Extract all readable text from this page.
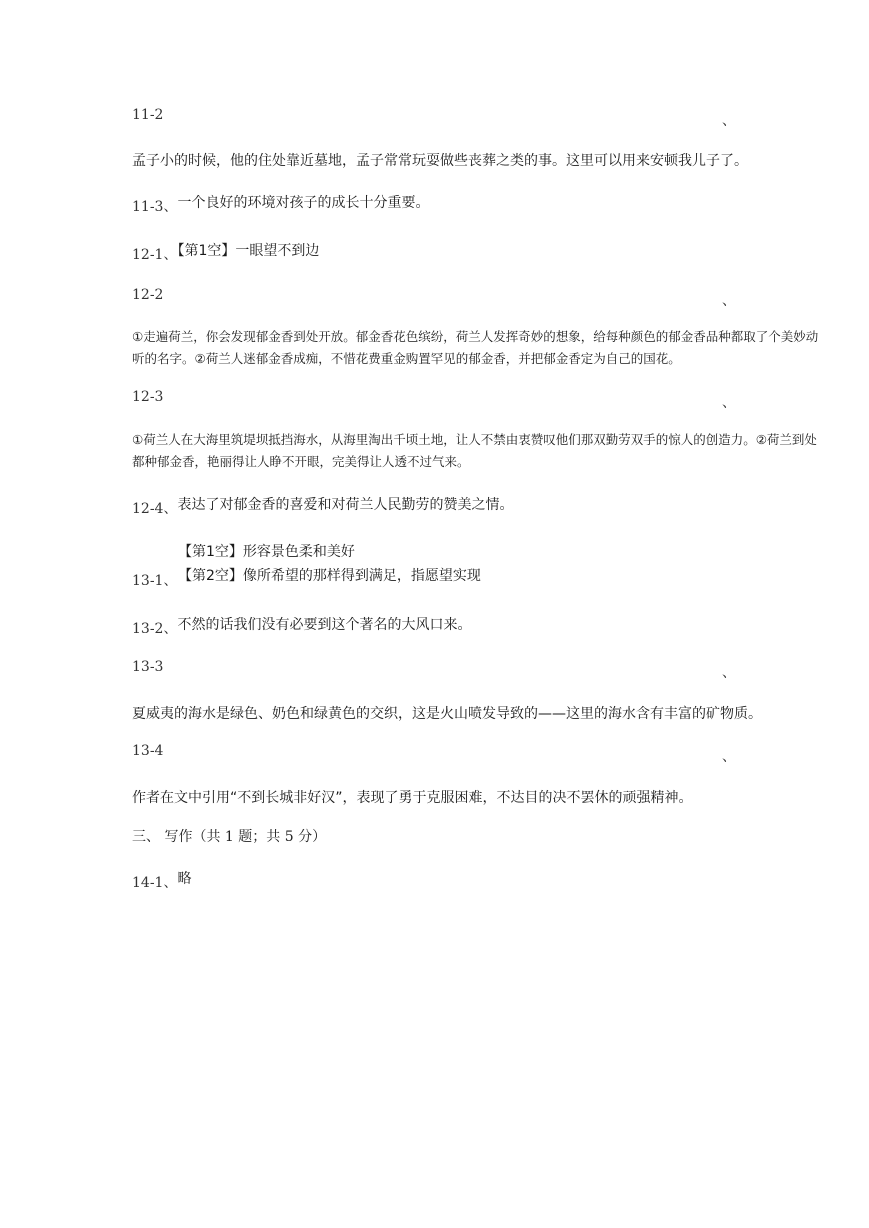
11-2	、
孟子小的时候，他的住处靠近墓地，孟子常常玩耍做些丧葬之类的事。这里可以用来安顿我儿子了。
11-3、一个良好的环境对孩子的成长十分重要。
12-1、【第1空】一眼望不到边
12-2	、
①走遍荷兰，你会发现郁金香到处开放。郁金香花色缤纷，荷兰人发挥奇妙的想象，给每种颜色的郁金香品种都取了个美妙动
听的名字。②荷兰人迷郁金香成痴，不惜花费重金购置罕见的郁金香，并把郁金香定为自己的国花。
12-3	、
①荷兰人在大海里筑堤坝抵挡海水，从海里淘出千顷土地，让人不禁由衷赞叹他们那双勤劳双手的惊人的创造力。②荷兰到处
都种郁金香，艳丽得让人睁不开眼，完美得让人透不过气来。
12-4、表达了对郁金香的喜爱和对荷兰人民勤劳的赞美之情。
【第1空】形容景色柔和美好
13-1、 【第2空】像所希望的那样得到满足，指愿望实现
13-2、不然的话我们没有必要到这个著名的大风口来。
13-3	、
夏威夷的海水是绿色、奶色和绿黄色的交织，这是火山喷发导致的——这里的海水含有丰富的矿物质。
13-4	、
作者在文中引用“不到长城非好汉”，表现了勇于克服困难，不达目的决不罢休的顽强精神。
三、 写作（共 1 题；共 5 分）
14-1、略
